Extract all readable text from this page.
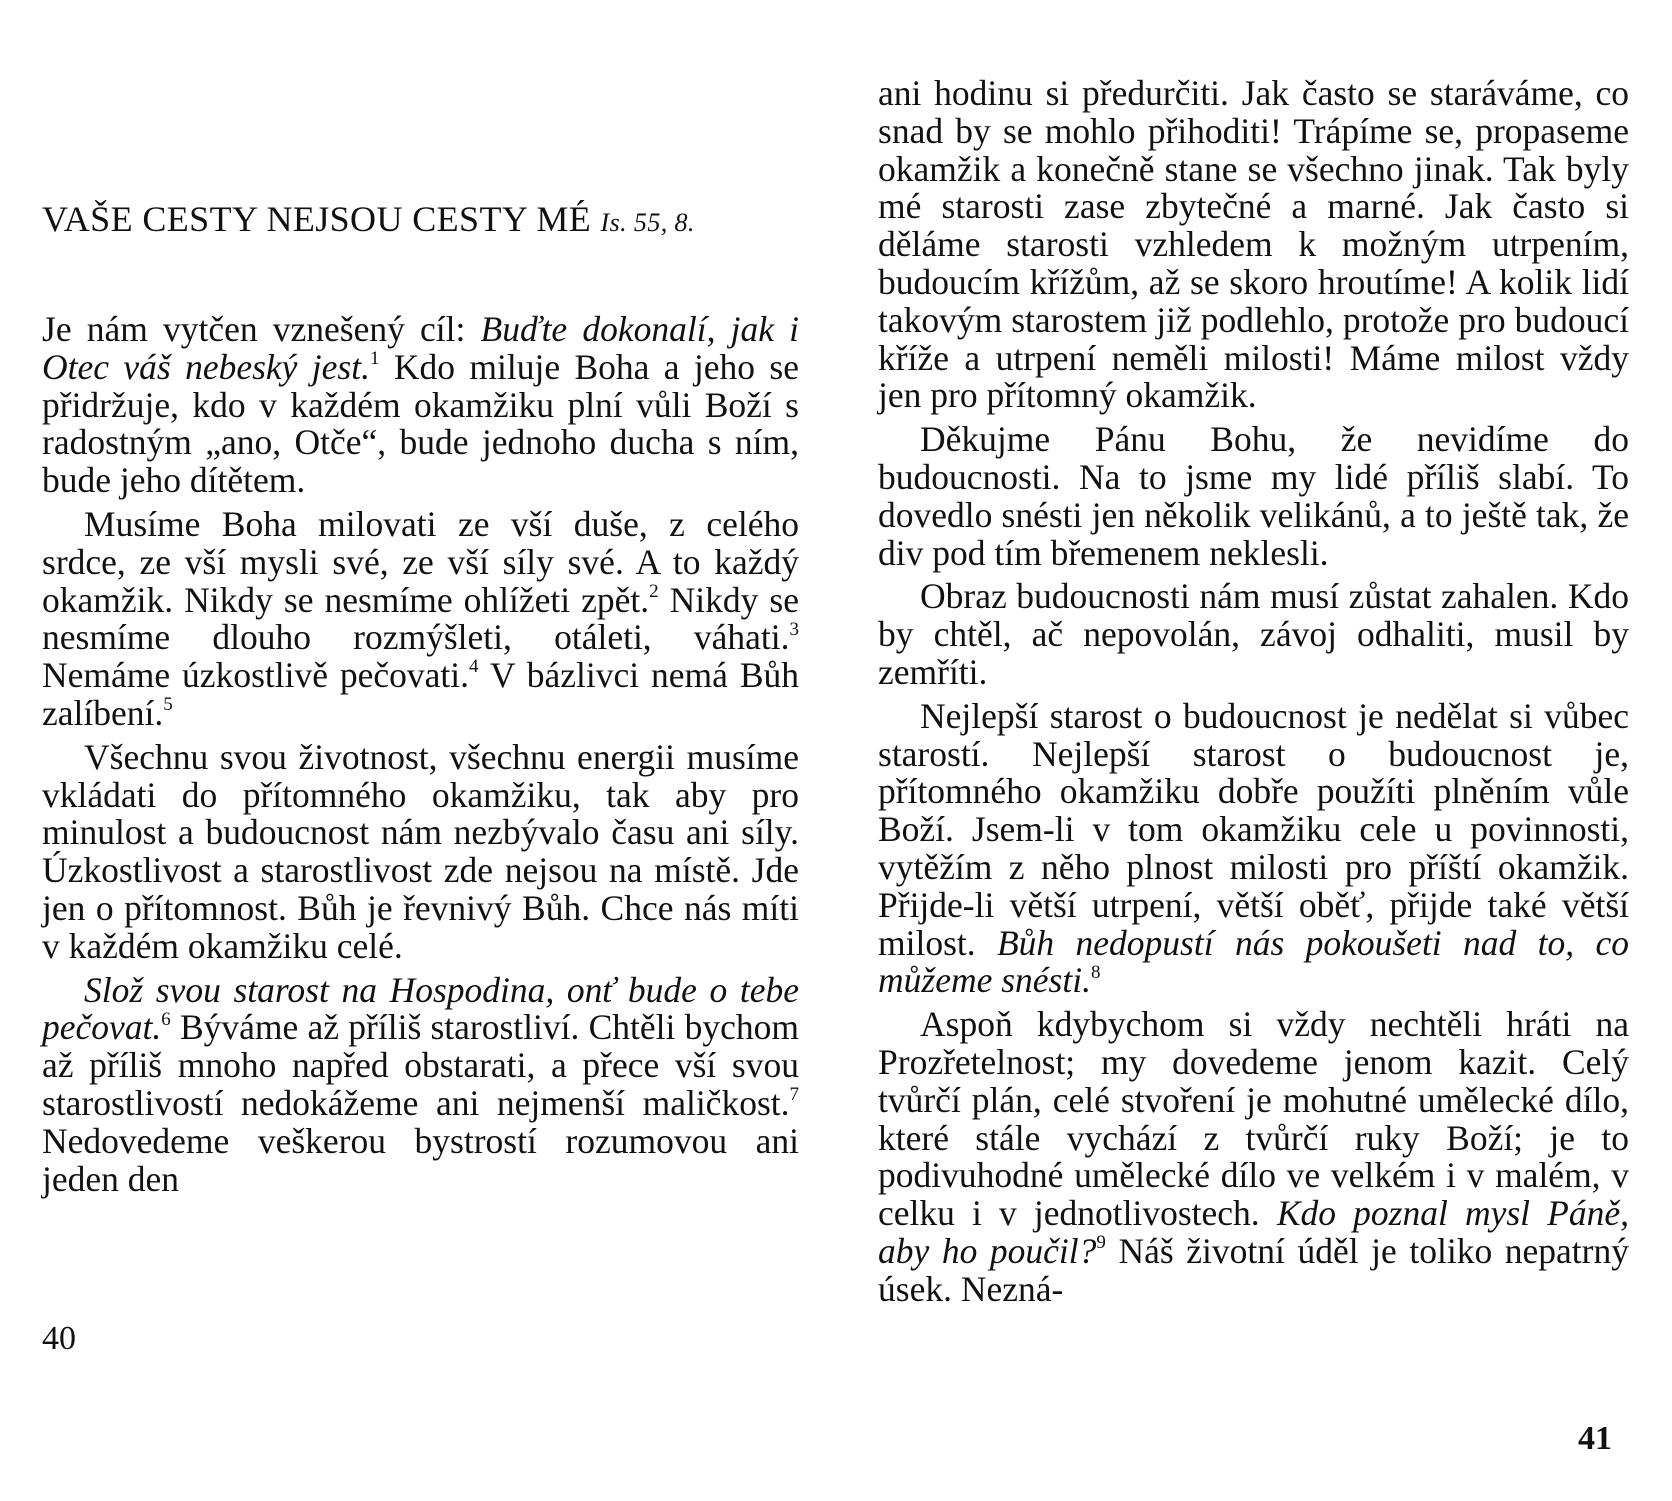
VAŠE CESTY NEJSOU CESTY MÉ Is. 55, 8.

Je nám vytčen vznešený cíl: Buďte dokonalí, jak i Otec váš nebeský jest.$^1$ Kdo miluje Boha a jeho se přidržuje, kdo v každém okamžiku plní vůli Boží s radostným „ano, Otče“, bude jednoho ducha s ním, bude jeho dítětem.

Musíme Boha milovati ze vší duše, z celého srdce, ze vší mysli své, ze vší síly své. A to každý okamžik. Nikdy se nesmíme ohlížeti zpět.$^2$ Nikdy se nesmíme dlouho rozmýšleti, otáleti, váhati.$^3$ Nemáme úzkostlivě pečovati.$^4$ V bázlivci nemá Bůh zalíbení.$^5$

Všechnu svou životnost, všechnu energii musíme vkládati do přítomného okamžiku, tak aby pro minulost a budoucnost nám nezbývalo času ani síly. Úzkostlivost a starostlivost zde nejsou na místě. Jde jen o přítomnost. Bůh je řevnivý Bůh. Chce nás míti v každém okamžiku celé.

Slož svou starost na Hospodina, onť bude o tebe pečovat.$^6$ Býváme až příliš starostliví. Chtěli bychom až příliš mnoho napřed obstarati, a přece vší svou starostlivostí nedokážeme ani nejmenší maličkost.$^7$ Nedovedeme veškerou bystrostí rozumovou ani jeden den

40

ani hodinu si předurčiti. Jak často se staráváme, co snad by se mohlo přihoditi! Trápíme se, propaseme okamžik a konečně stane se všechno jinak. Tak byly mé starosti zase zbytečné a marné. Jak často si děláme starosti vzhledem k možným utrpením, budoucím křížům, až se skoro hroutíme! A kolik lidí takovým starostem již podlehlo, protože pro budoucí kříže a utrpení neměli milosti! Máme milost vždy jen pro přítomný okamžik.

Děkujme Pánu Bohu, že nevidíme do budoucnosti. Na to jsme my lidé příliš slabí. To dovedlo snésti jen několik velikánů, a to ještě tak, že div pod tím břemenem neklesli.

Obraz budoucnosti nám musí zůstat zahalen. Kdo by chtěl, ač nepovolán, závoj odhaliti, musil by zemříti.

Nejlepší starost o budoucnost je nedělat si vůbec starostí. Nejlepší starost o budoucnost je, přítomného okamžiku dobře použíti plněním vůle Boží. Jsem-li v tom okamžiku cele u povinnosti, vytěžím z něho plnost milosti pro příští okamžik. Přijde-li větší utrpení, větší oběť, přijde také větší milost. Bůh nedopustí nás pokoušeti nad to, co můžeme snésti.$^8$

Aspoň kdybychom si vždy nechtěli hráti na Prozřetelnost; my dovedeme jenom kazit. Celý tvůrčí plán, celé stvoření je mohutné umělecké dílo, které stále vychází z tvůrčí ruky Boží; je to podivuhodné umělecké dílo ve velkém i v malém, v celku i v jednotlivostech. Kdo poznal mysl Páně, aby ho poučil?$^9$ Náš životní úděl je toliko nepatrný úsek. Nezná-

41
